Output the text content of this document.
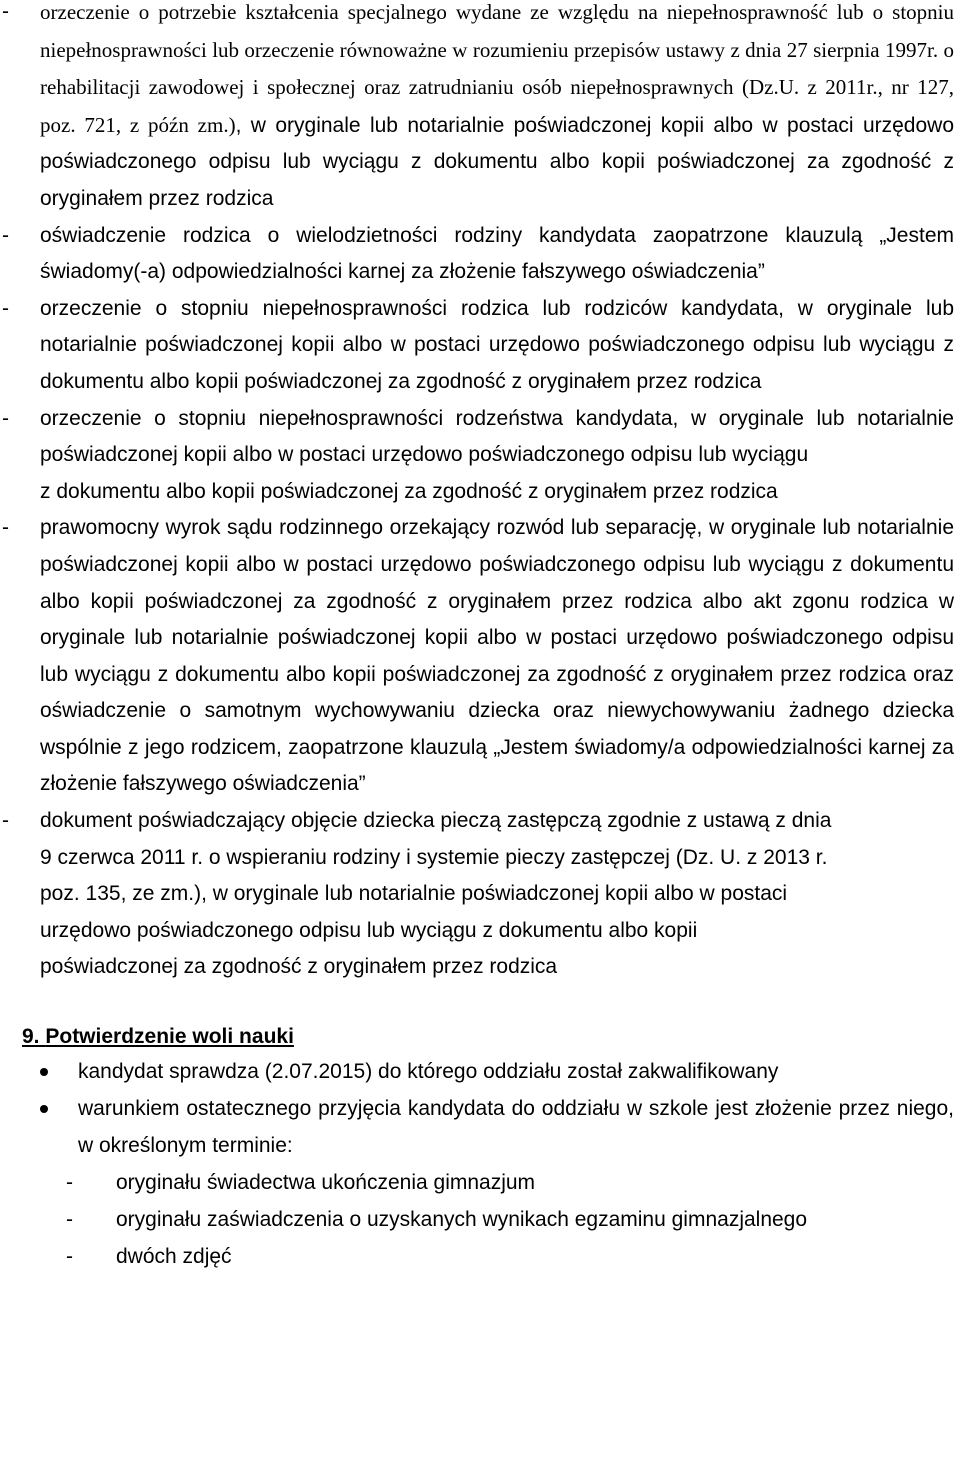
- orzeczenie o potrzebie kształcenia specjalnego wydane ze względu na niepełnosprawność lub o stopniu niepełnosprawności lub orzeczenie równoważne w rozumieniu przepisów ustawy z dnia 27 sierpnia 1997r. o rehabilitacji zawodowej i społecznej oraz zatrudnianiu osób niepełnosprawnych (Dz.U. z 2011r., nr 127, poz. 721, z późn zm.), w oryginale lub notarialnie poświadczonej kopii albo w postaci urzędowo poświadczonego odpisu lub wyciągu z dokumentu albo kopii poświadczonej za zgodność z oryginałem przez rodzica
- oświadczenie rodzica o wielodzietności rodziny kandydata zaopatrzone klauzulą „Jestem świadomy(-a) odpowiedzialności karnej za złożenie fałszywego oświadczenia”
- orzeczenie o stopniu niepełnosprawności rodzica lub rodziców kandydata, w oryginale lub notarialnie poświadczonej kopii albo w postaci urzędowo poświadczonego odpisu lub wyciągu z dokumentu albo kopii poświadczonej za zgodność z oryginałem przez rodzica
- orzeczenie o stopniu niepełnosprawności rodzeństwa kandydata, w oryginale lub notarialnie poświadczonej kopii albo w postaci urzędowo poświadczonego odpisu lub wyciągu
z dokumentu albo kopii poświadczonej za zgodność z oryginałem przez rodzica
- prawomocny wyrok sądu rodzinnego orzekający rozwód lub separację, w oryginale lub notarialnie poświadczonej kopii albo w postaci urzędowo poświadczonego odpisu lub wyciągu z dokumentu albo kopii poświadczonej za zgodność z oryginałem przez rodzica albo akt zgonu rodzica w oryginale lub notarialnie poświadczonej kopii albo w postaci urzędowo poświadczonego odpisu lub wyciągu z dokumentu albo kopii poświadczonej za zgodność z oryginałem przez rodzica oraz oświadczenie o samotnym wychowywaniu dziecka oraz niewychowywaniu żadnego dziecka wspólnie z jego rodzicem, zaopatrzone klauzulą „Jestem świadomy/a odpowiedzialności karnej za złożenie fałszywego oświadczenia”
- dokument poświadczający objęcie dziecka pieczą zastępczą zgodnie z ustawą z dnia
9 czerwca 2011 r. o wspieraniu rodziny i systemie pieczy zastępczej (Dz. U. z 2013 r.
poz. 135, ze zm.), w oryginale lub notarialnie poświadczonej kopii albo w postaci
urzędowo poświadczonego odpisu lub wyciągu z dokumentu albo kopii
poświadczonej za zgodność z oryginałem przez rodzica
9. Potwierdzenie woli nauki
kandydat sprawdza (2.07.2015) do którego oddziału został zakwalifikowany
warunkiem ostatecznego przyjęcia kandydata do oddziału w szkole jest złożenie przez niego, w określonym terminie:
- oryginału świadectwa ukończenia gimnazjum
- oryginału zaświadczenia o uzyskanych wynikach egzaminu gimnazjalnego
- dwóch zdjęć
